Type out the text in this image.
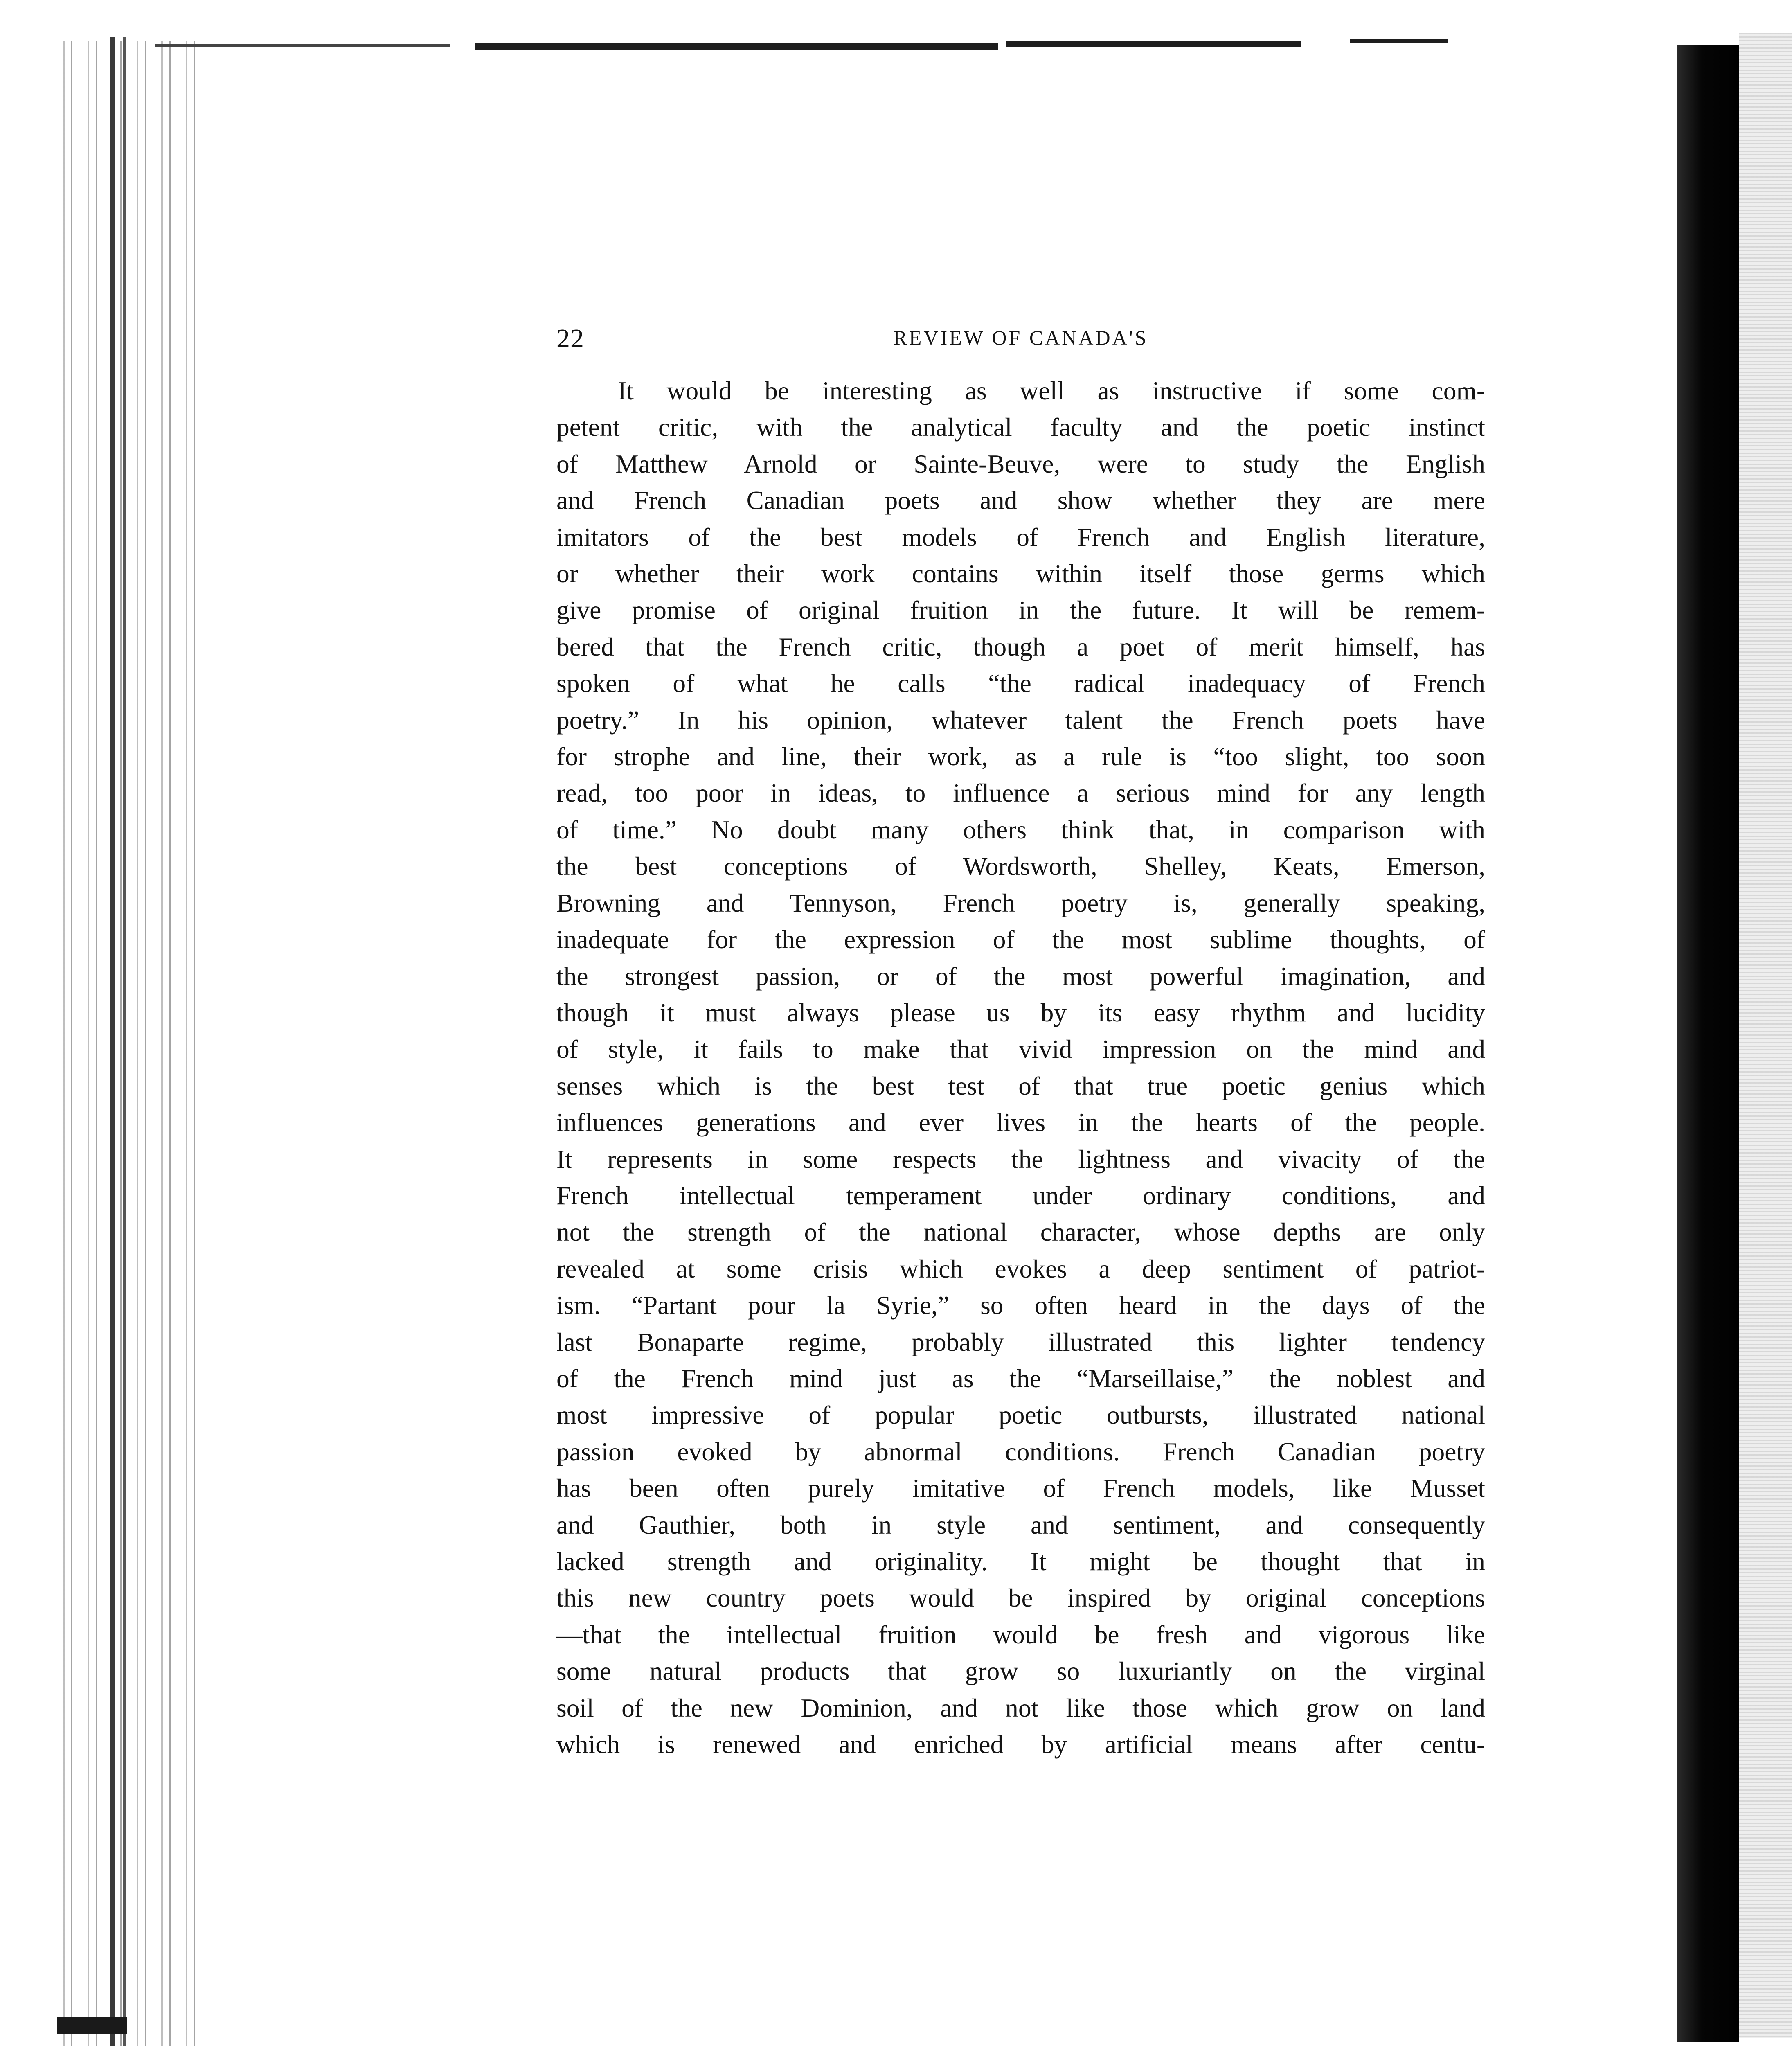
22	REVIEW OF CANADA'S

It would be interesting as well as instructive if some com-
petent critic, with the analytical faculty and the poetic instinct
of Matthew Arnold or Sainte-Beuve, were to study the English
and French Canadian poets and show whether they are mere
imitators of the best models of French and English literature,
or whether their work contains within itself those germs which
give promise of original fruition in the future. It will be remem-
bered that the French critic, though a poet of merit himself, has
spoken of what he calls “the radical inadequacy of French
poetry.” In his opinion, whatever talent the French poets have
for strophe and line, their work, as a rule is “too slight, too soon
read, too poor in ideas, to influence a serious mind for any length
of time.” No doubt many others think that, in comparison with
the best conceptions of Wordsworth, Shelley, Keats, Emerson,
Browning and Tennyson, French poetry is, generally speaking,
inadequate for the expression of the most sublime thoughts, of
the strongest passion, or of the most powerful imagination, and
though it must always please us by its easy rhythm and lucidity
of style, it fails to make that vivid impression on the mind and
senses which is the best test of that true poetic genius which
influences generations and ever lives in the hearts of the people.
It represents in some respects the lightness and vivacity of the
French intellectual temperament under ordinary conditions, and
not the strength of the national character, whose depths are only
revealed at some crisis which evokes a deep sentiment of patriot-
ism. “Partant pour la Syrie,” so often heard in the days of the
last Bonaparte regime, probably illustrated this lighter tendency
of the French mind just as the “Marseillaise,” the noblest and
most impressive of popular poetic outbursts, illustrated national
passion evoked by abnormal conditions. French Canadian poetry
has been often purely imitative of French models, like Musset
and Gauthier, both in style and sentiment, and consequently
lacked strength and originality. It might be thought that in
this new country poets would be inspired by original conceptions
—that the intellectual fruition would be fresh and vigorous like
some natural products that grow so luxuriantly on the virginal
soil of the new Dominion, and not like those which grow on land
which is renewed and enriched by artificial means after centu-
